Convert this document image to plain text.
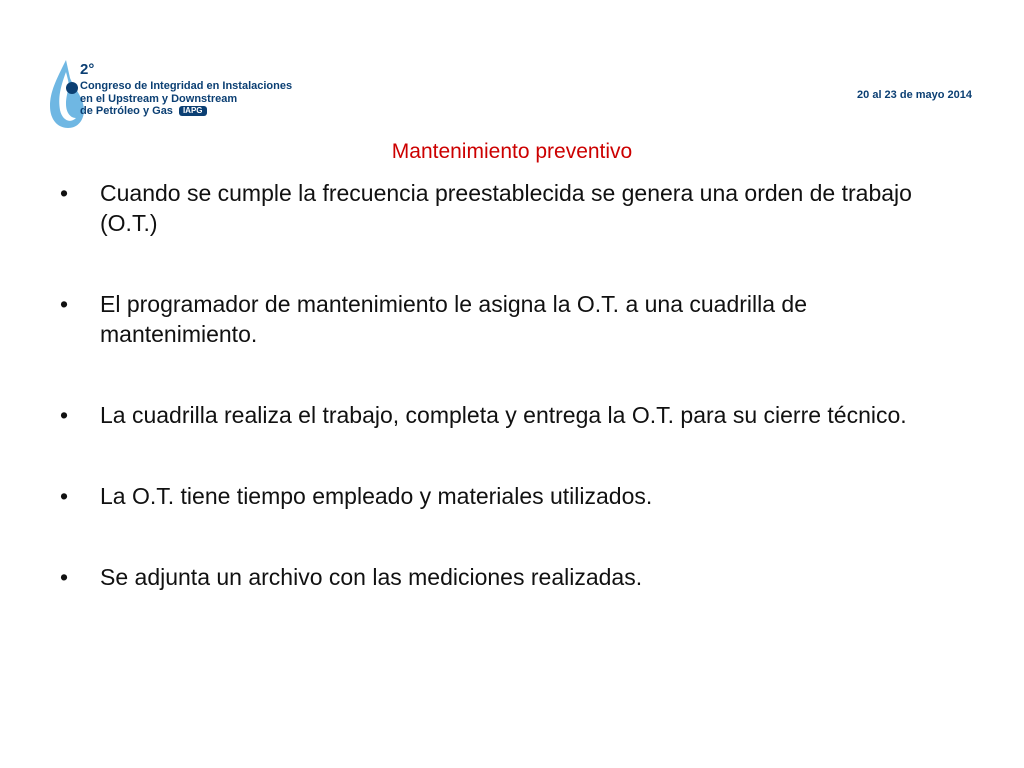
2°
Congreso de Integridad en Instalaciones
en el Upstream y Downstream
de Petróleo y Gas IAPG
20 al 23 de mayo 2014
Mantenimiento preventivo
• Cuando se cumple la frecuencia preestablecida se genera una orden de trabajo (O.T.)
• El programador de mantenimiento le asigna la O.T. a una cuadrilla de mantenimiento.
• La cuadrilla realiza el trabajo, completa y entrega la O.T. para su cierre técnico.
• La O.T. tiene tiempo empleado y materiales utilizados.
• Se adjunta un archivo con las mediciones realizadas.
